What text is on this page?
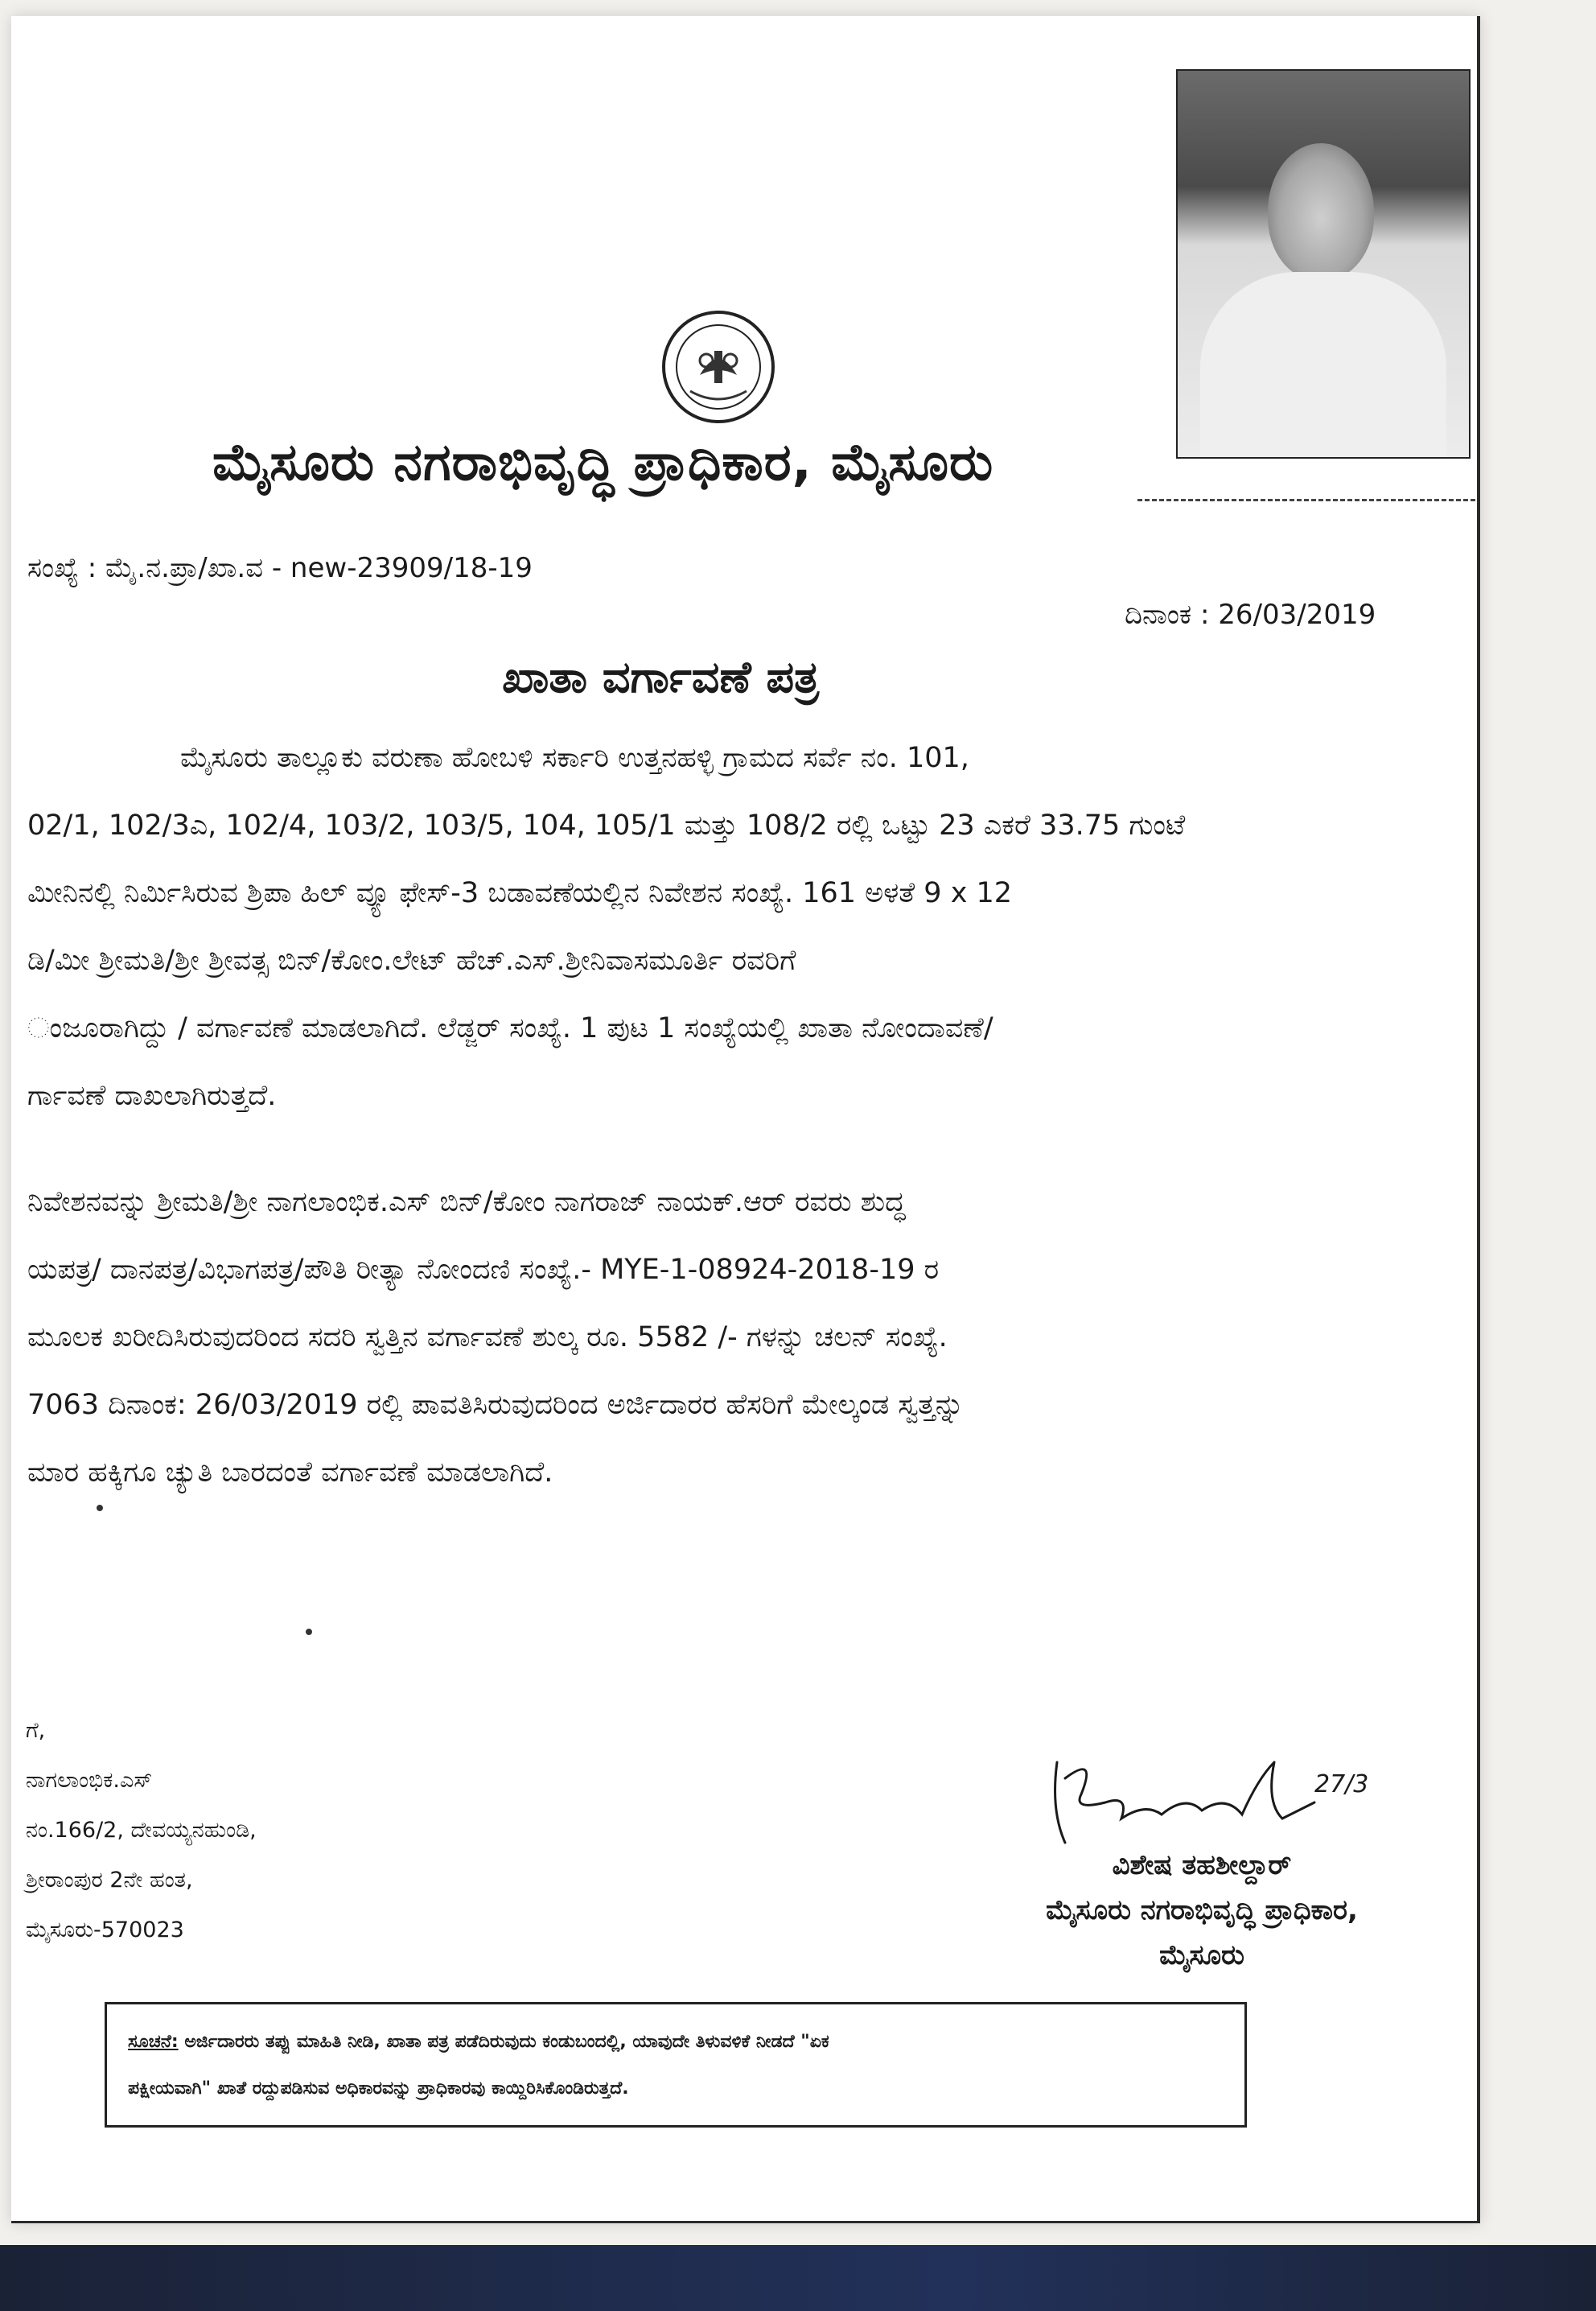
ಮೈಸೂರು ನಗರಾಭಿವೃದ್ಧಿ ಪ್ರಾಧಿಕಾರ, ಮೈಸೂರು
ಸಂಖ್ಯೆ : ಮೈ.ನ.ಪ್ರಾ/ಖಾ.ವ - new-23909/18-19
ದಿನಾಂಕ : 26/03/2019
ಖಾತಾ ವರ್ಗಾವಣೆ ಪತ್ರ
ಮೈಸೂರು ತಾಲ್ಲೂಕು ವರುಣಾ ಹೋಬಳಿ ಸರ್ಕಾರಿ ಉತ್ತನಹಳ್ಳಿ ಗ್ರಾಮದ ಸರ್ವೆ ನಂ. 101,
02/1, 102/3ಎ, 102/4, 103/2, 103/5, 104, 105/1 ಮತ್ತು 108/2 ರಲ್ಲಿ ಒಟ್ಟು 23 ಎಕರೆ 33.75 ಗುಂಟೆ
ಮೀನಿನಲ್ಲಿ ನಿರ್ಮಿಸಿರುವ ಶ್ರಿಪಾ ಹಿಲ್ ವ್ಯೂ ಫೇಸ್-3 ಬಡಾವಣೆಯಲ್ಲಿನ ನಿವೇಶನ ಸಂಖ್ಯೆ. 161 ಅಳತೆ 9 x 12
ಡಿ/ಮೀ ಶ್ರೀಮತಿ/ಶ್ರೀ ಶ್ರೀವತ್ಸ ಬಿನ್/ಕೋಂ.ಲೇಟ್ ಹೆಚ್.ಎಸ್.ಶ್ರೀನಿವಾಸಮೂರ್ತಿ ರವರಿಗೆ
ಂಜೂರಾಗಿದ್ದು / ವರ್ಗಾವಣೆ ಮಾಡಲಾಗಿದೆ. ಲೆಡ್ಜರ್ ಸಂಖ್ಯೆ. 1 ಪುಟ 1 ಸಂಖ್ಯೆಯಲ್ಲಿ ಖಾತಾ ನೋಂದಾವಣೆ/
ರ್ಗಾವಣೆ ದಾಖಲಾಗಿರುತ್ತದೆ.
ನಿವೇಶನವನ್ನು ಶ್ರೀಮತಿ/ಶ್ರೀ ನಾಗಲಾಂಭಿಕ.ಎಸ್ ಬಿನ್/ಕೋಂ ನಾಗರಾಜ್ ನಾಯಕ್.ಆರ್ ರವರು ಶುದ್ಧ
ಯಪತ್ರ/ ದಾನಪತ್ರ/ವಿಭಾಗಪತ್ರ/ಪೌತಿ ರೀತ್ಯಾ ನೋಂದಣಿ ಸಂಖ್ಯೆ.- MYE-1-08924-2018-19 ರ
ಮೂಲಕ ಖರೀದಿಸಿರುವುದರಿಂದ ಸದರಿ ಸ್ವತ್ತಿನ ವರ್ಗಾವಣೆ ಶುಲ್ಕ ರೂ. 5582 /- ಗಳನ್ನು ಚಲನ್ ಸಂಖ್ಯೆ.
7063 ದಿನಾಂಕ: 26/03/2019 ರಲ್ಲಿ ಪಾವತಿಸಿರುವುದರಿಂದ ಅರ್ಜಿದಾರರ ಹೆಸರಿಗೆ ಮೇಲ್ಕಂಡ ಸ್ವತ್ತನ್ನು
ಮಾರ ಹಕ್ಕಿಗೂ ಚ್ಯುತಿ ಬಾರದಂತೆ ವರ್ಗಾವಣೆ ಮಾಡಲಾಗಿದೆ.
ಗೆ,
ನಾಗಲಾಂಭಿಕ.ಎಸ್
ನಂ.166/2, ದೇವಯ್ಯನಹುಂಡಿ,
ಶ್ರೀರಾಂಪುರ 2ನೇ ಹಂತ,
ಮೈಸೂರು-570023
27/3
ವಿಶೇಷ ತಹಶೀಲ್ದಾರ್
ಮೈಸೂರು ನಗರಾಭಿವೃದ್ಧಿ ಪ್ರಾಧಿಕಾರ,
ಮೈಸೂರು
ಸೂಚನೆ: ಅರ್ಜಿದಾರರು ತಪ್ಪು ಮಾಹಿತಿ ನೀಡಿ, ಖಾತಾ ಪತ್ರ ಪಡೆದಿರುವುದು ಕಂಡುಬಂದಲ್ಲಿ, ಯಾವುದೇ ತಿಳುವಳಿಕೆ ನೀಡದೆ "ಏಕ
ಪಕ್ಷೀಯವಾಗಿ" ಖಾತೆ ರದ್ದುಪಡಿಸುವ ಅಧಿಕಾರವನ್ನು ಪ್ರಾಧಿಕಾರವು ಕಾಯ್ದಿರಿಸಿಕೊಂಡಿರುತ್ತದೆ.
